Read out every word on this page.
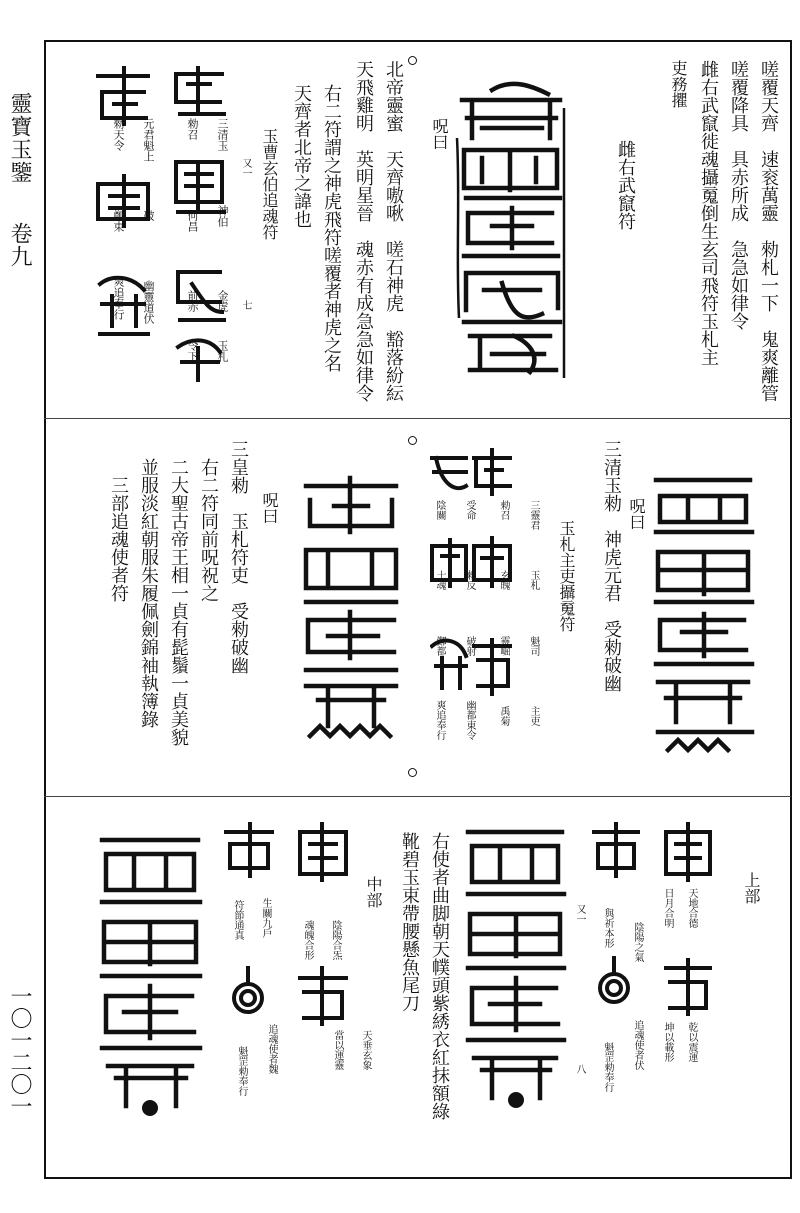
靈寶玉鑒
卷九
一〇一二〇一
嗟覆天齊　速衮萬靈　勑札一下　鬼爽離管
嗟覆降具　具赤所成　急急如律令
雌右武竄徙魂攝䰟倒生玄司飛符玉札主
吏務㩴
雌右武竄符
北帝靈蜜　天齊嗷啾　嗟石神虎　豁落紛紜
天飛雞明　英明星晉　魂赤有成急急如律令
右二符謂之神虎飛符嗟覆者神虎之名
天齊者北帝之諱也
玉曹玄伯追魂符	呪曰
又一
七
三清玉
勑召
神伯
何昌
金虎
前赤
玉札
令下
元君魁上
勑天令
鄭束 破
幽靈道伏
爽追奉行
三清玉勑　神虎元君　受勑破幽 呪曰
玉札主吏攝䰟符
三靈君
勑召
玉札
玄魄
魁司
靈崛
主吏
禹菊
受命
陰關
勑反
士魂
破射
鄭都
幽都東令
爽追奉行
三皇勑　玉札符吏　受勑破幽 呪曰
右二符同前呪祝之
二大聖古帝王相一貞有髭鬚一貞美貌
並服淡紅朝服朱履佩劍錦袖執簿錄
三部追魂使者符
上部
天地合德
日月合明
陰陽之氣
與祈本形
又一
乾以震運
坤以載形
追魂使者伏
魁罡勑奉行
八
右使者曲脚朝天幞頭紫綉衣紅抹額綠
靴碧玉束帶腰懸魚尾刀
中部
陰陽合炁
魂魄合形
天垂玄象
當以運靈
生關九戶
符節通真
追魂使者魏
魁罡勑奉行
